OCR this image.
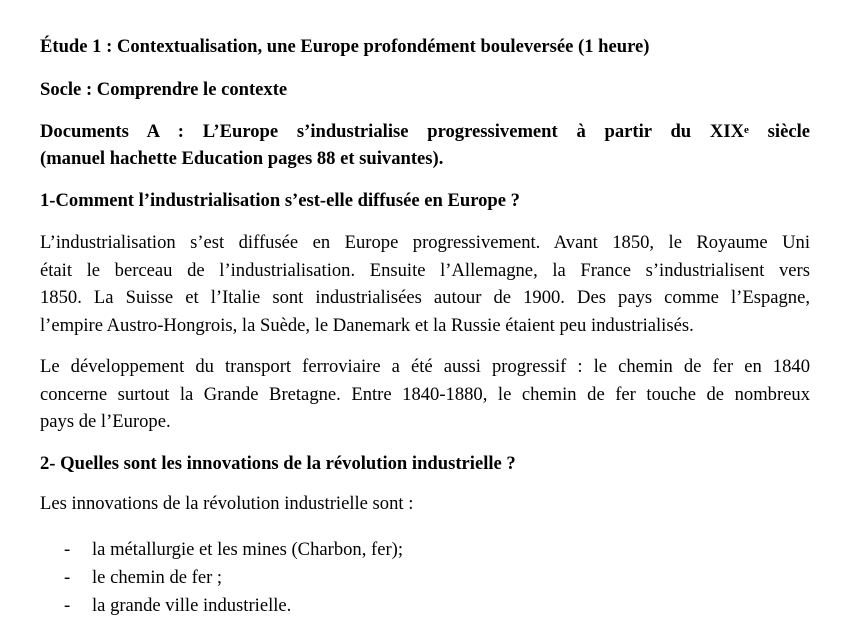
Étude 1 : Contextualisation, une Europe profondément bouleversée (1 heure)
Socle : Comprendre le contexte
Documents A : L’Europe s’industrialise progressivement à partir du XIXe siècle
(manuel hachette Education pages 88 et suivantes).
1-Comment l’industrialisation s’est-elle diffusée en Europe ?
L’industrialisation s’est diffusée en Europe progressivement. Avant 1850, le Royaume Uni
était le berceau de l’industrialisation. Ensuite l’Allemagne, la France s’industrialisent vers
1850. La Suisse et l’Italie sont industrialisées autour de 1900. Des pays comme l’Espagne,
l’empire Austro-Hongrois, la Suède, le Danemark et la Russie étaient peu industrialisés.
Le développement du transport ferroviaire a été aussi progressif : le chemin de fer en 1840
concerne surtout la Grande Bretagne. Entre 1840-1880, le chemin de fer touche de nombreux
pays de l’Europe.
2- Quelles sont les innovations de la révolution industrielle ?
Les innovations de la révolution industrielle sont :
- la métallurgie et les mines (Charbon, fer);
- le chemin de fer ;
- la grande ville industrielle.
